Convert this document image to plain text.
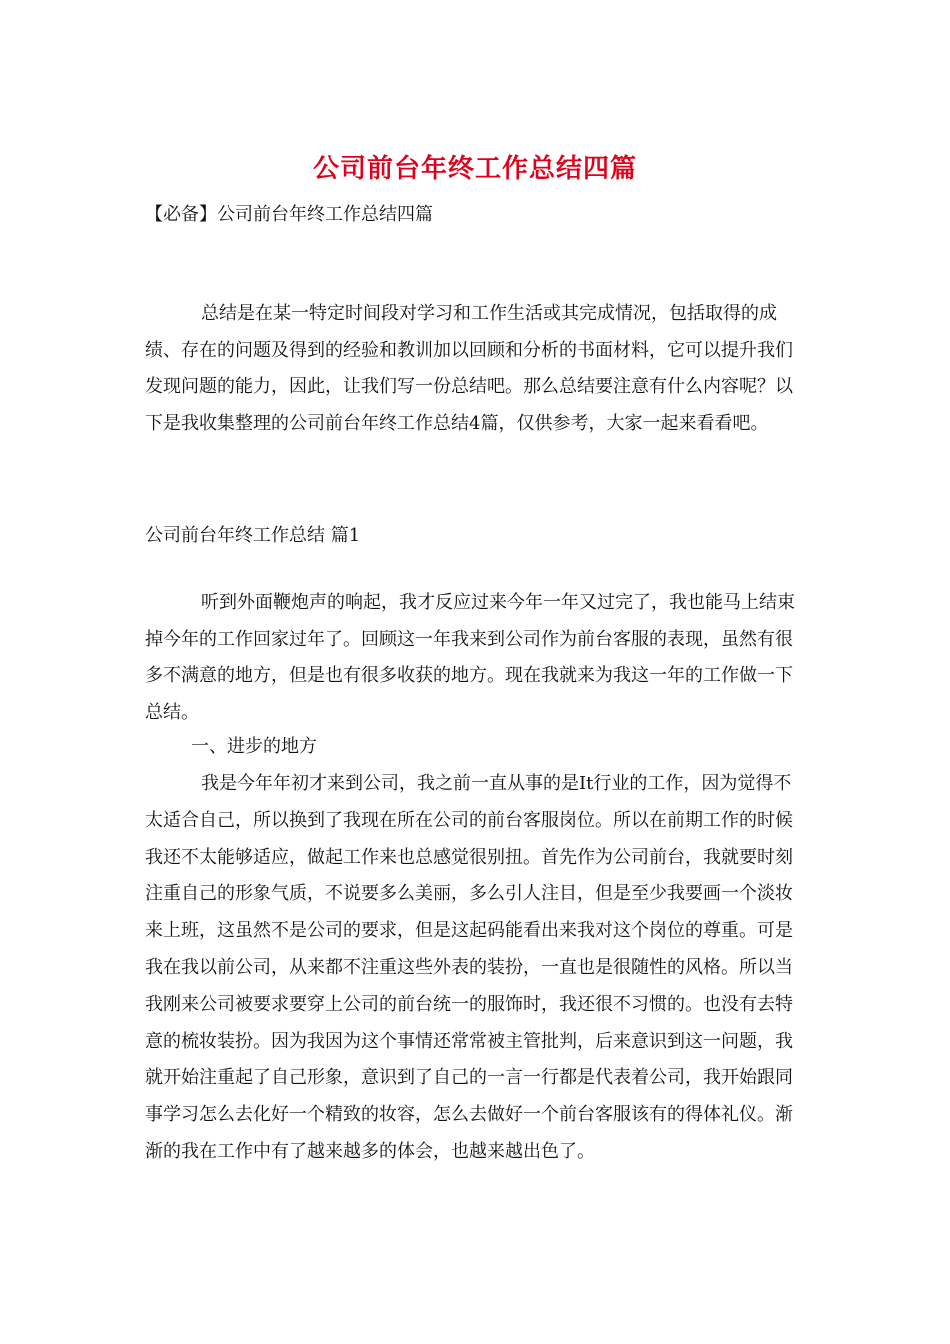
公司前台年终工作总结四篇

【必备】公司前台年终工作总结四篇

总结是在某一特定时间段对学习和工作生活或其完成情况，包括取得的成绩、存在的问题及得到的经验和教训加以回顾和分析的书面材料，它可以提升我们发现问题的能力，因此，让我们写一份总结吧。那么总结要注意有什么内容呢？以下是我收集整理的公司前台年终工作总结4篇，仅供参考，大家一起来看看吧。

公司前台年终工作总结 篇1

听到外面鞭炮声的响起，我才反应过来今年一年又过完了，我也能马上结束掉今年的工作回家过年了。回顾这一年我来到公司作为前台客服的表现，虽然有很多不满意的地方，但是也有很多收获的地方。现在我就来为我这一年的工作做一下总结。

一、进步的地方

我是今年年初才来到公司，我之前一直从事的是It行业的工作，因为觉得不太适合自己，所以换到了我现在所在公司的前台客服岗位。所以在前期工作的时候我还不太能够适应，做起工作来也总感觉很别扭。首先作为公司前台，我就要时刻注重自己的形象气质，不说要多么美丽，多么引人注目，但是至少我要画一个淡妆来上班，这虽然不是公司的要求，但是这起码能看出来我对这个岗位的尊重。可是我在我以前公司，从来都不注重这些外表的装扮，一直也是很随性的风格。所以当我刚来公司被要求要穿上公司的前台统一的服饰时，我还很不习惯的。也没有去特意的梳妆装扮。因为我因为这个事情还常常被主管批判，后来意识到这一问题，我就开始注重起了自己形象，意识到了自己的一言一行都是代表着公司，我开始跟同事学习怎么去化好一个精致的妆容，怎么去做好一个前台客服该有的得体礼仪。渐渐的我在工作中有了越来越多的体会，也越来越出色了。
